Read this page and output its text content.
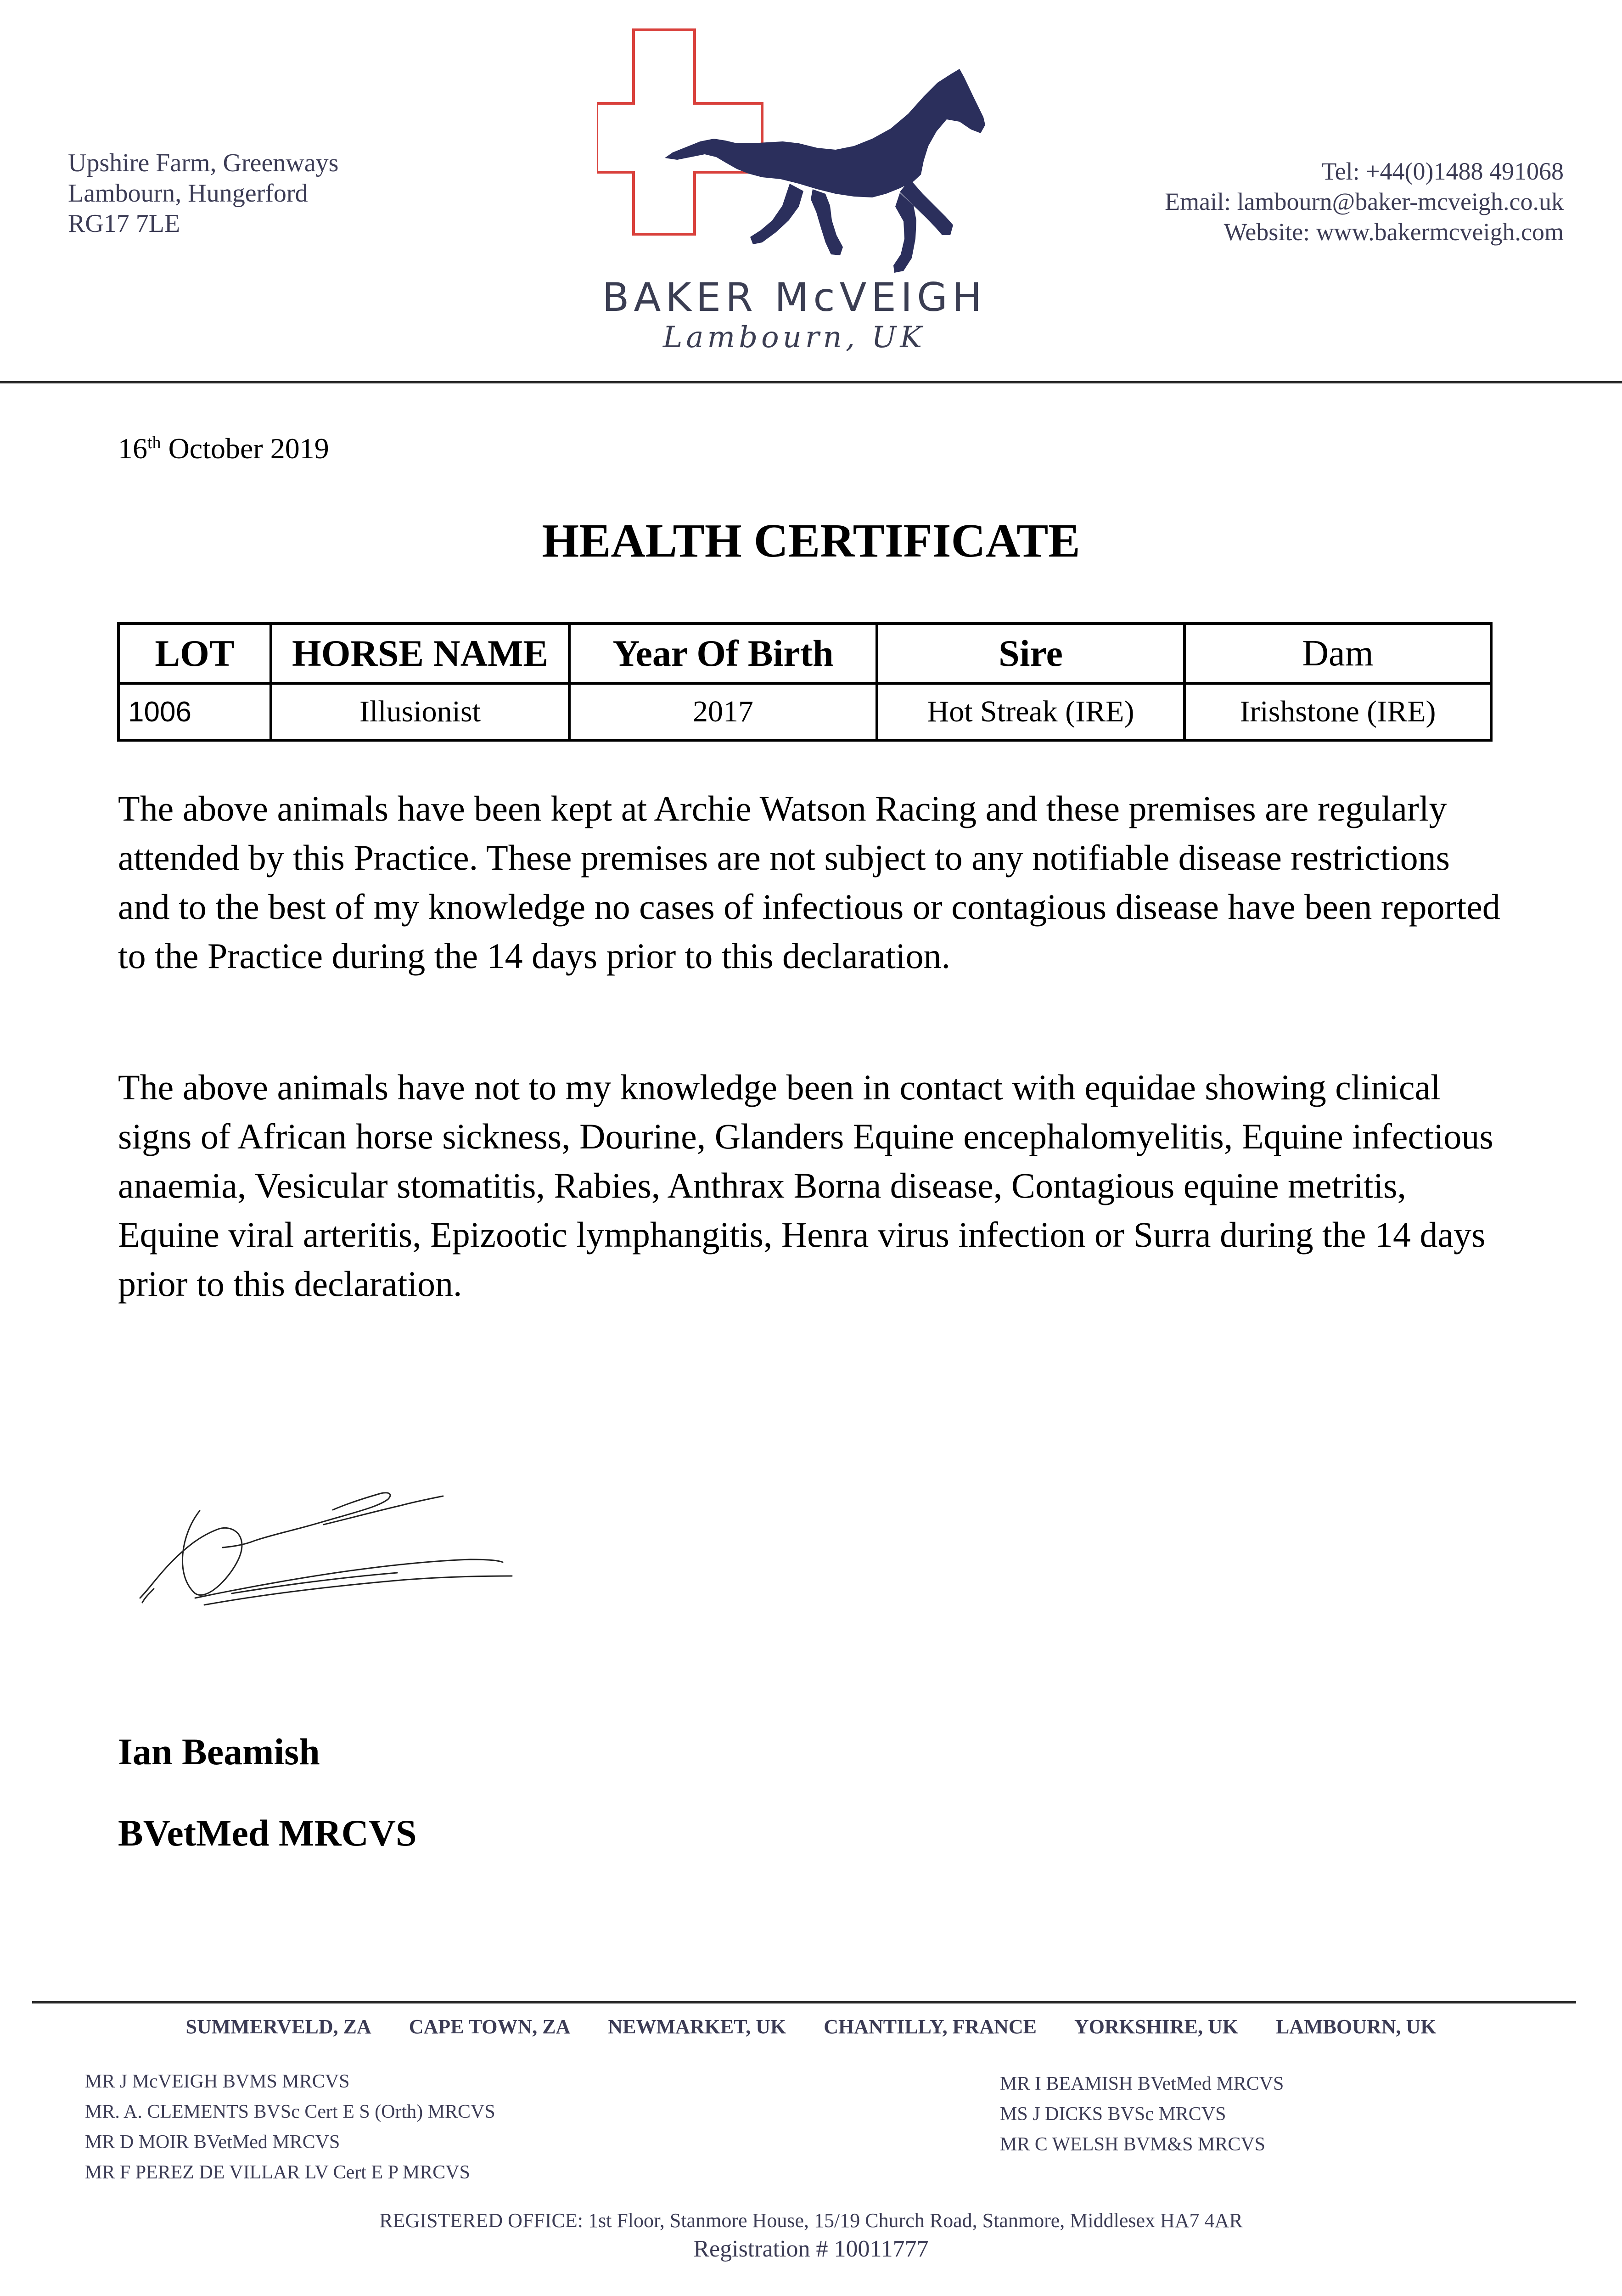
Upshire Farm, Greenways
Lambourn, Hungerford
RG17 7LE
BAKER McVEIGH
Lambourn, UK
Tel: +44(0)1488 491068
Email: lambourn@baker-mcveigh.co.uk
Website: www.bakermcveigh.com
16th October 2019
HEALTH CERTIFICATE
LOT	HORSE NAME	Year Of Birth	Sire	Dam
1006	Illusionist	2017	Hot Streak (IRE)	Irishstone (IRE)
The above animals have been kept at Archie Watson Racing and these premises are regularly attended by this Practice. These premises are not subject to any notifiable disease restrictions and to the best of my knowledge no cases of infectious or contagious disease have been reported to the Practice during the 14 days prior to this declaration.
The above animals have not to my knowledge been in contact with equidae showing clinical signs of African horse sickness, Dourine, Glanders Equine encephalomyelitis, Equine infectious anaemia, Vesicular stomatitis, Rabies, Anthrax Borna disease, Contagious equine metritis, Equine viral arteritis, Epizootic lymphangitis, Henra virus infection or Surra during the 14 days prior to this declaration.
Ian Beamish
BVetMed MRCVS
SUMMERVELD, ZA CAPE TOWN, ZA NEWMARKET, UK CHANTILLY, FRANCE YORKSHIRE, UK LAMBOURN, UK
MR J McVEIGH BVMS MRCVS
MR. A. CLEMENTS BVSc Cert E S (Orth) MRCVS
MR D MOIR BVetMed MRCVS
MR F PEREZ DE VILLAR LV Cert E P MRCVS
MR I BEAMISH BVetMed MRCVS
MS J DICKS BVSc MRCVS
MR C WELSH BVM&S MRCVS
REGISTERED OFFICE: 1st Floor, Stanmore House, 15/19 Church Road, Stanmore, Middlesex HA7 4AR
Registration # 10011777
